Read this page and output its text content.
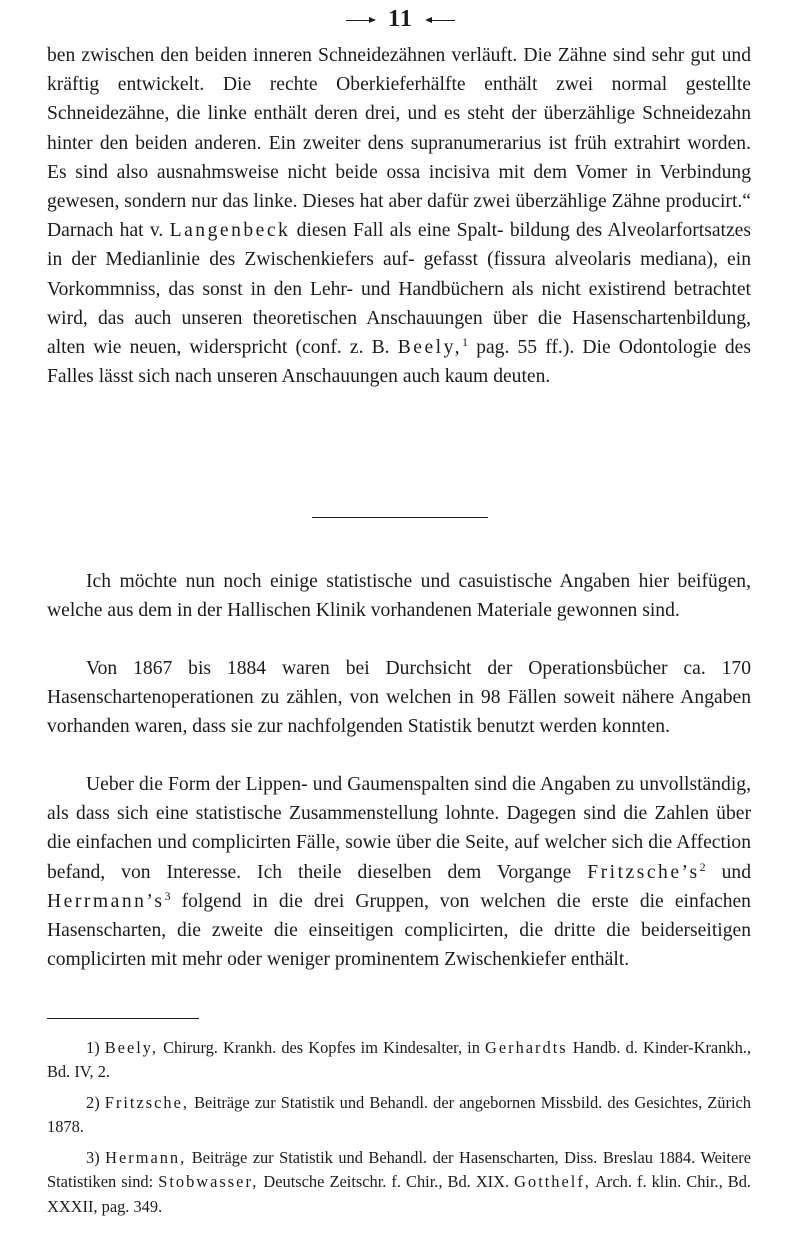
11

ben zwischen den beiden inneren Schneidezähnen verläuft. Die Zähne sind sehr gut und kräftig entwickelt. Die rechte Oberkieferhälfte enthält zwei normal gestellte Schneidezähne, die linke enthält deren drei, und es steht der überzählige Schneidezahn hinter den beiden anderen. Ein zweiter dens supranumerarius ist früh extrahirt worden. Es sind also ausnahmsweise nicht beide ossa incisiva mit dem Vomer in Verbindung gewesen, sondern nur das linke. Dieses hat aber dafür zwei überzählige Zähne producirt.“ Darnach hat v. Langenbeck diesen Fall als eine Spalt- bildung des Alveolarfortsatzes in der Medianlinie des Zwischenkiefers auf- gefasst (fissura alveolaris mediana), ein Vorkommniss, das sonst in den Lehr- und Handbüchern als nicht existirend betrachtet wird, das auch unseren theoretischen Anschauungen über die Hasenschartenbildung, alten wie neuen, widerspricht (conf. z. B. Beely,$^1$ pag. 55 ff.). Die Odontologie des Falles lässt sich nach unseren Anschauungen auch kaum deuten.

Ich möchte nun noch einige statistische und casuistische Angaben hier beifügen, welche aus dem in der Hallischen Klinik vorhandenen Materiale gewonnen sind.

Von 1867 bis 1884 waren bei Durchsicht der Operationsbücher ca. 170 Hasenschartenoperationen zu zählen, von welchen in 98 Fällen soweit nähere Angaben vorhanden waren, dass sie zur nachfolgenden Statistik benutzt werden konnten.

Ueber die Form der Lippen- und Gaumenspalten sind die Angaben zu unvollständig, als dass sich eine statistische Zusammenstellung lohnte. Dagegen sind die Zahlen über die einfachen und complicirten Fälle, sowie über die Seite, auf welcher sich die Affection befand, von Interesse. Ich theile dieselben dem Vorgange $Fritzsche’s^2$ und $Herrmann’s^3$ folgend in die drei Gruppen, von welchen die erste die einfachen Hasenscharten, die zweite die einseitigen complicirten, die dritte die beiderseitigen complicirten mit mehr oder weniger prominentem Zwischenkiefer enthält.

1) Beely, Chirurg. Krankh. des Kopfes im Kindesalter, in Gerhardts Handb. d. Kinder-Krankh., Bd. IV, 2.

2) Fritzsche, Beiträge zur Statistik und Behandl. der angebornen Missbild. des Gesichtes, Zürich 1878.

3) Hermann, Beiträge zur Statistik und Behandl. der Hasenscharten, Diss. Breslau 1884. Weitere Statistiken sind: Stobwasser, Deutsche Zeitschr. f. Chir., Bd. XIX. Gotthelf, Arch. f. klin. Chir., Bd. XXXII, pag. 349.
